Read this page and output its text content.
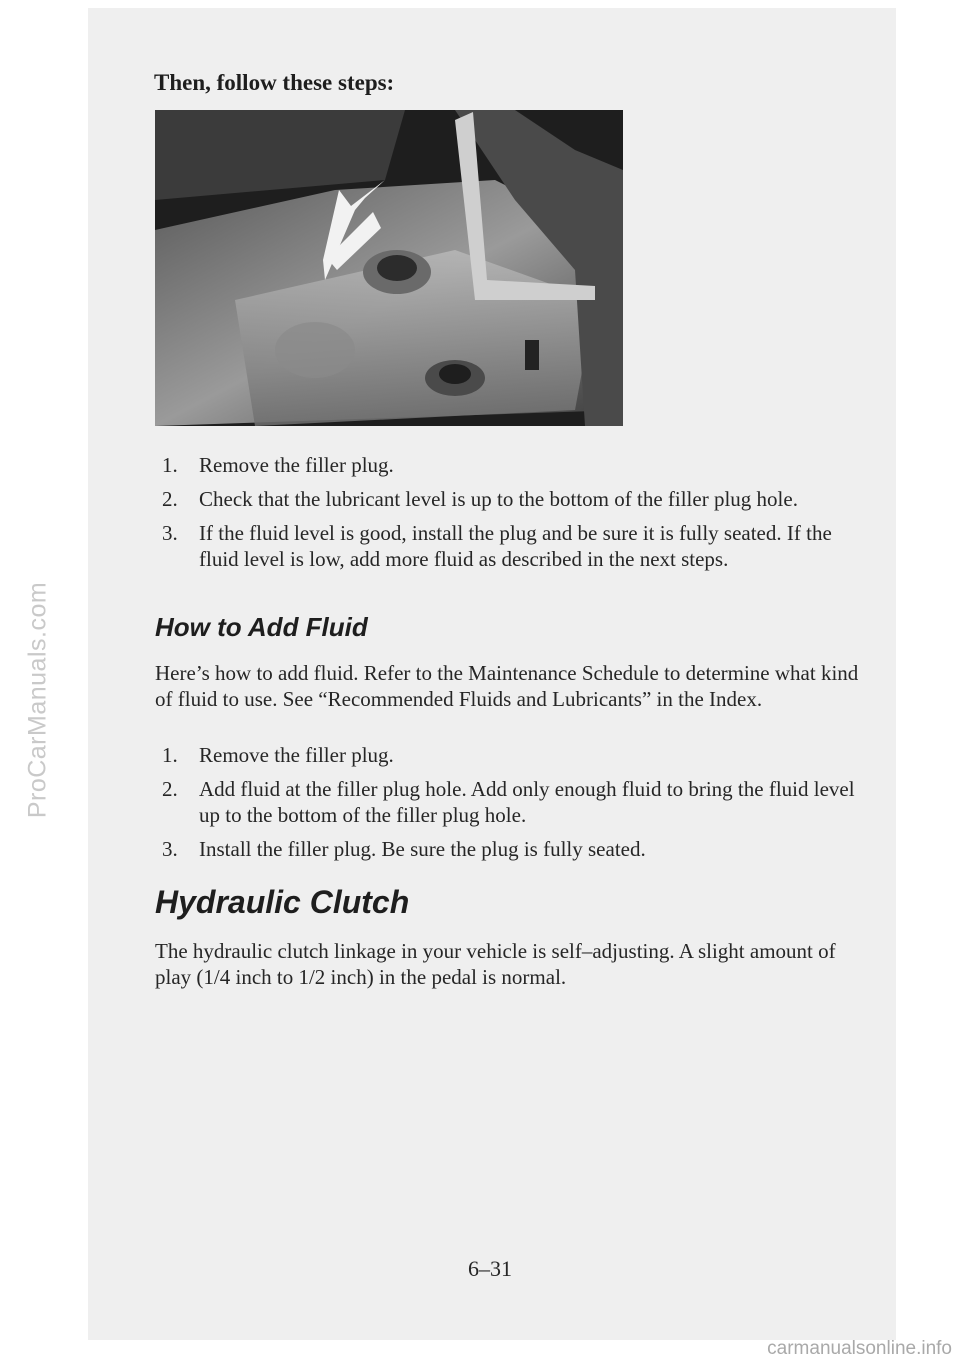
ProCarManuals.com
Then, follow these steps:
1. Remove the filler plug.
2. Check that the lubricant level is up to the bottom of the filler plug hole.
3. If the fluid level is good, install the plug and be sure it is fully seated. If the fluid level is low, add more fluid as described in the next steps.
How to Add Fluid

Here’s how to add fluid. Refer to the Maintenance Schedule to determine what kind of fluid to use. See “Recommended Fluids and Lubricants” in the Index.

1. Remove the filler plug.
2. Add fluid at the filler plug hole. Add only enough fluid to bring the fluid level up to the bottom of the filler plug hole.
3. Install the filler plug. Be sure the plug is fully seated.
Hydraulic Clutch

The hydraulic clutch linkage in your vehicle is self–adjusting. A slight amount of play (1/4 inch to 1/2 inch) in the pedal is normal.

6–31
carmanualsonline.info
